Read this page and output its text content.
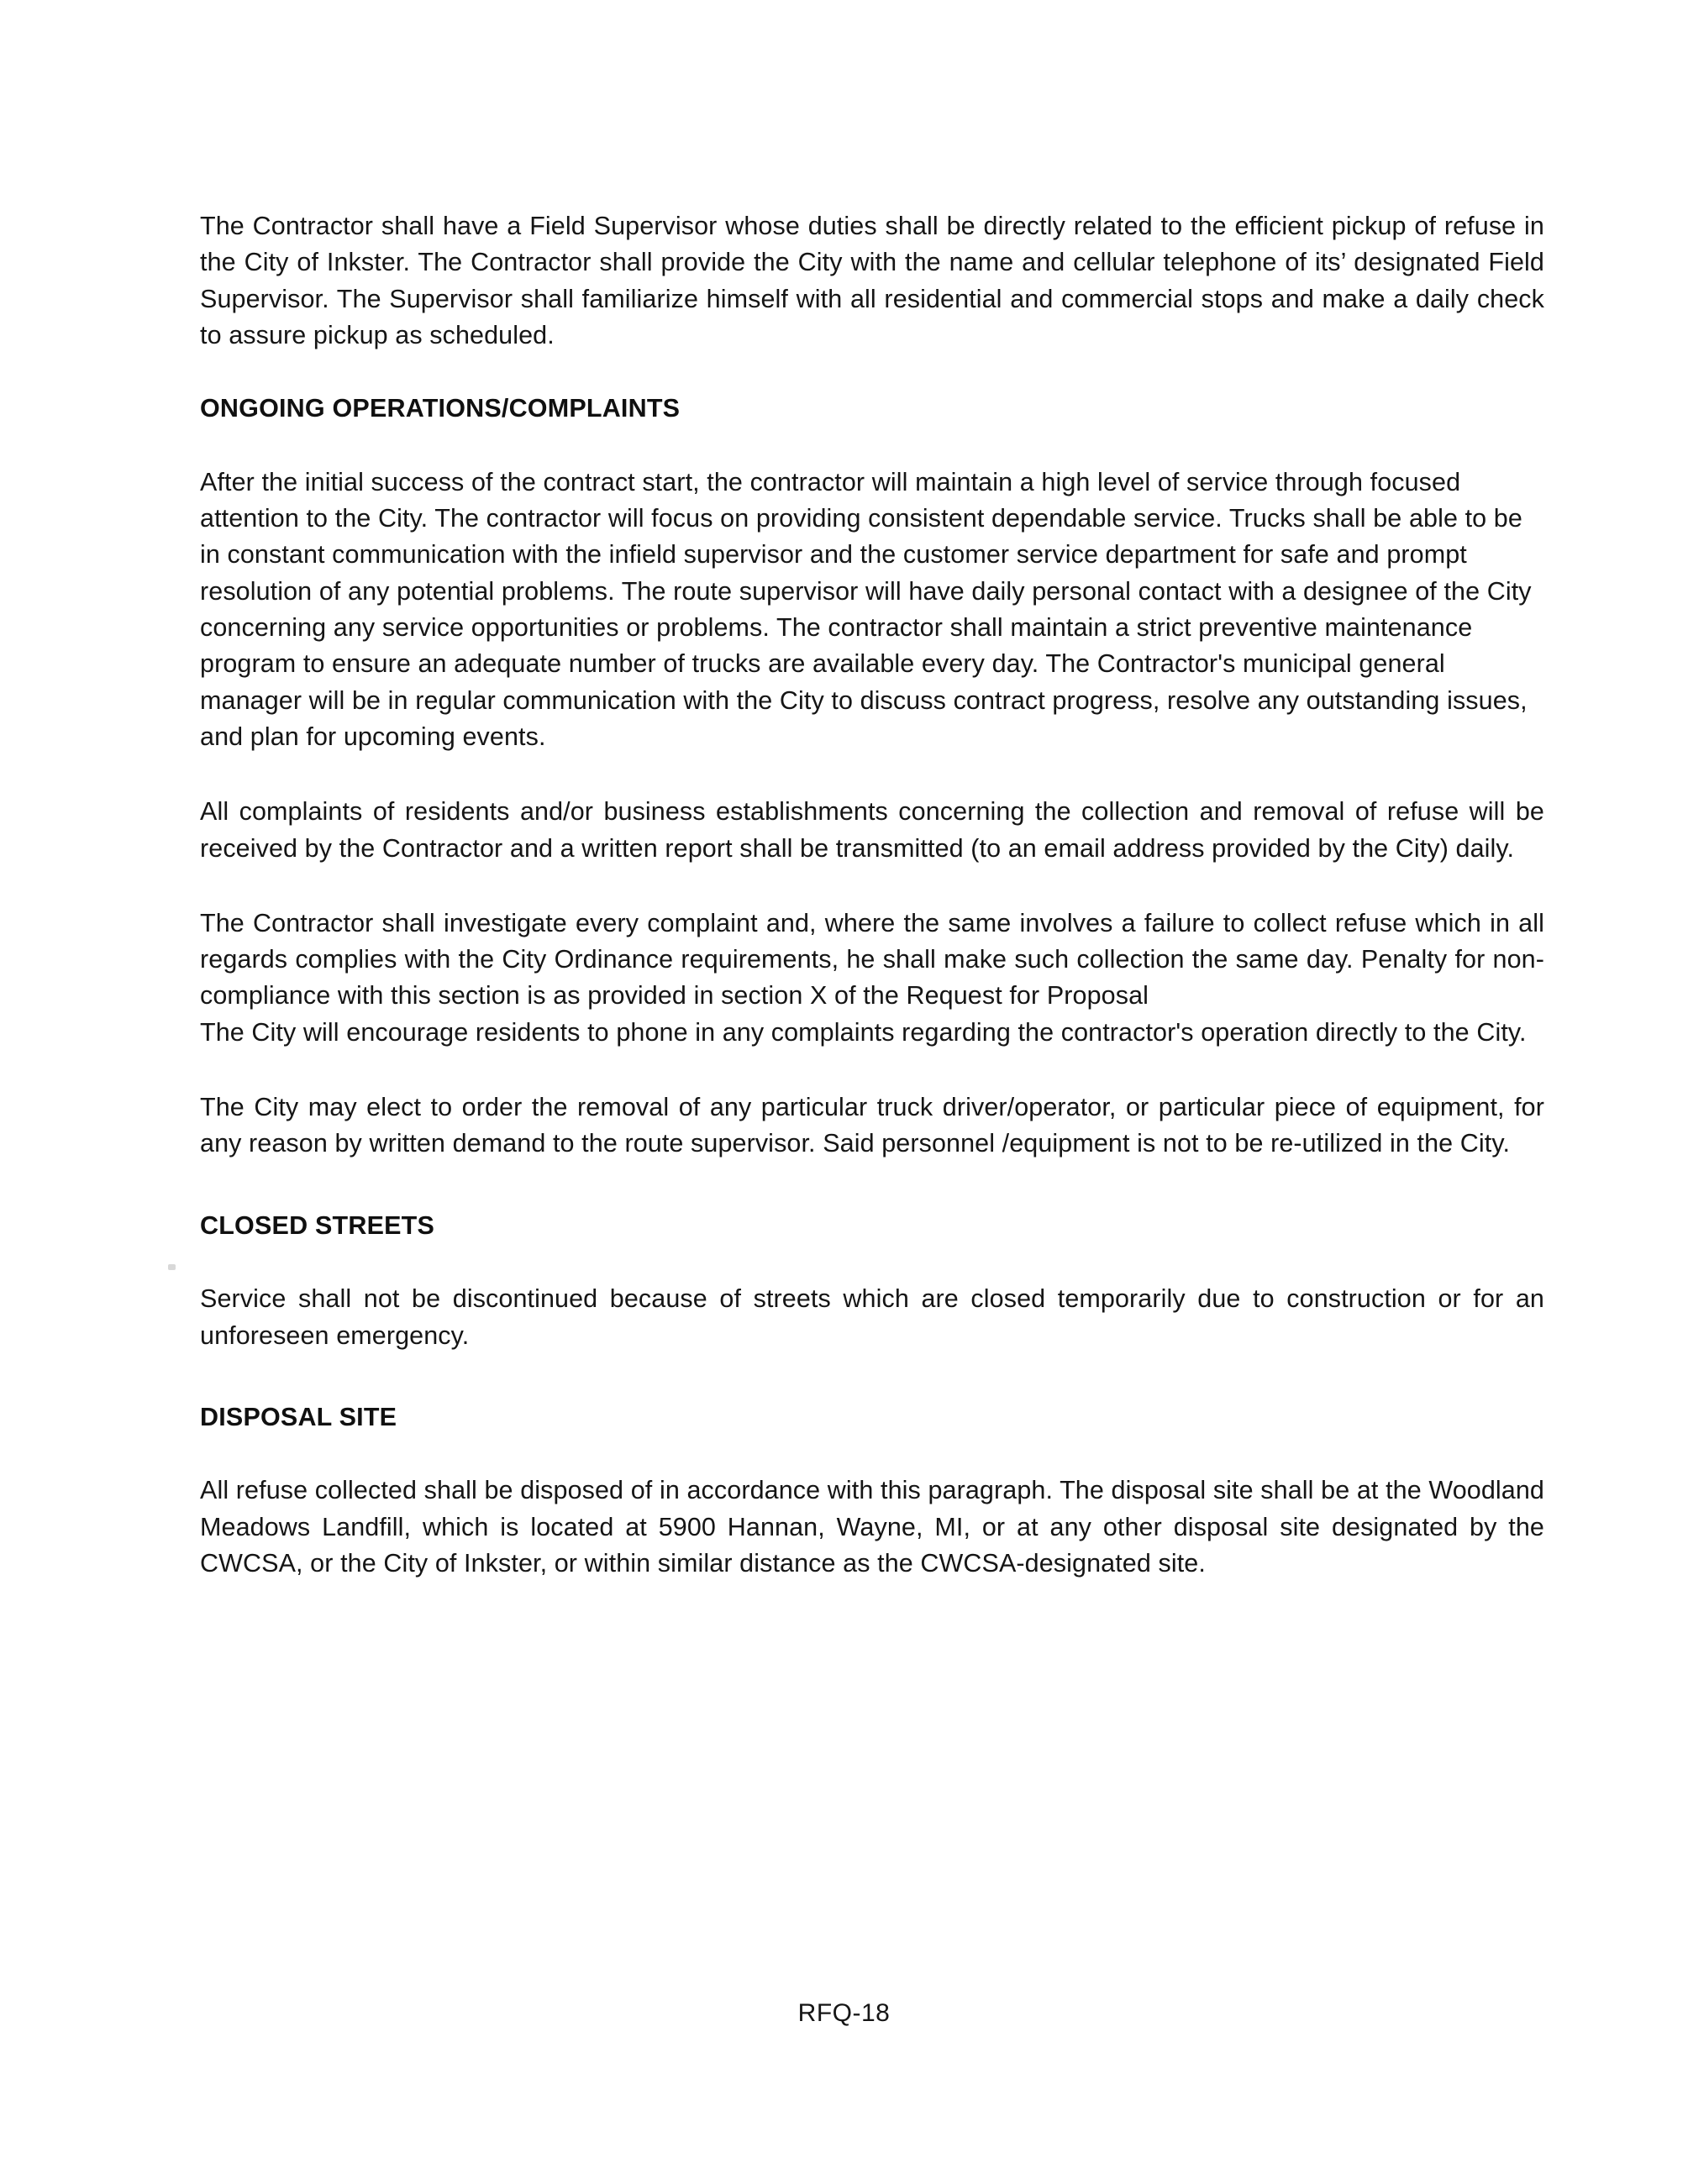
The Contractor shall have a Field Supervisor whose duties shall be directly related to the efficient pickup of refuse in the City of Inkster. The Contractor shall provide the City with the name and cellular telephone of its’ designated Field Supervisor. The Supervisor shall familiarize himself with all residential and commercial stops and make a daily check to assure pickup as scheduled.

ONGOING OPERATIONS/COMPLAINTS

After the initial success of the contract start, the contractor will maintain a high level of service through focused attention to the City. The contractor will focus on providing consistent dependable service. Trucks shall be able to be in constant communication with the infield supervisor and the customer service department for safe and prompt resolution of any potential problems. The route supervisor will have daily personal contact with a designee of the City concerning any service opportunities or problems. The contractor shall maintain a strict preventive maintenance program to ensure an adequate number of trucks are available every day. The Contractor's municipal general manager will be in regular communication with the City to discuss contract progress, resolve any outstanding issues, and plan for upcoming events.

All complaints of residents and/or business establishments concerning the collection and removal of refuse will be received by the Contractor and a written report shall be transmitted (to an email address provided by the City) daily.

The Contractor shall investigate every complaint and, where the same involves a failure to collect refuse which in all regards complies with the City Ordinance requirements, he shall make such collection the same day. Penalty for non-compliance with this section is as provided in section X of the Request for Proposal

The City will encourage residents to phone in any complaints regarding the contractor's operation directly to the City.

The City may elect to order the removal of any particular truck driver/operator, or particular piece of equipment, for any reason by written demand to the route supervisor. Said personnel /equipment is not to be re-utilized in the City.

CLOSED STREETS

Service shall not be discontinued because of streets which are closed temporarily due to construction or for an unforeseen emergency.

DISPOSAL SITE

All refuse collected shall be disposed of in accordance with this paragraph. The disposal site shall be at the Woodland Meadows Landfill, which is located at 5900 Hannan, Wayne, MI, or at any other disposal site designated by the CWCSA, or the City of Inkster, or within similar distance as the CWCSA-designated site.

RFQ-18
